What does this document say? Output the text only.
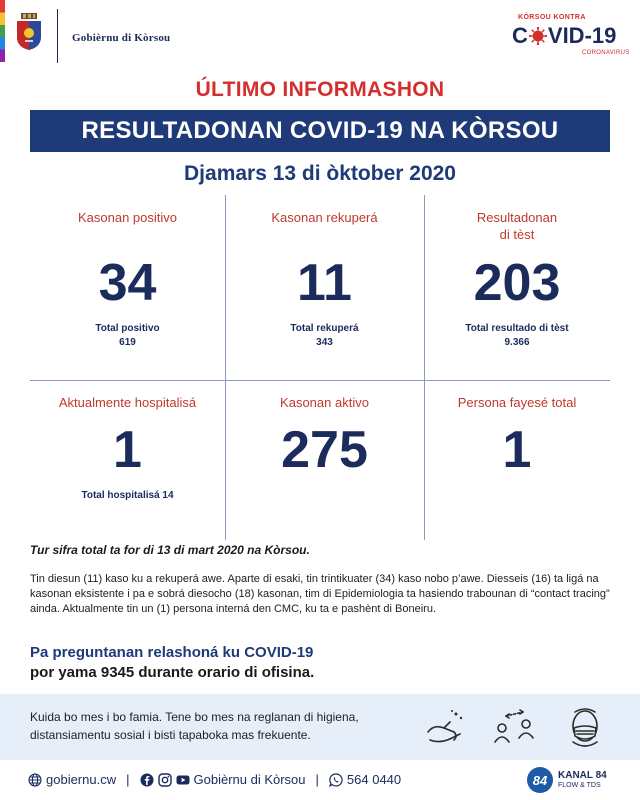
Gobièrnu di Kòrsou
KÒRSOU KONTRA
C VID-19
CORONAVIRUS
ÚLTIMO INFORMASHON
RESULTADONAN COVID-19 NA KÒRSOU
Djamars 13 di òktober 2020
Kasonan positivo
34
Total positivo
619
Kasonan rekuperá
11
Total rekuperá
343
Resultadonan
di tèst
203
Total resultado di tèst
9.366
Aktualmente hospitalisá
1
Total hospitalisá 14
Kasonan aktivo
275
Persona fayesé total
1
Tur sifra total ta for di 13 di mart 2020 na Kòrsou.
Tin diesun (11) kaso ku a rekuperá awe. Aparte di esaki, tin trintikuater (34) kaso nobo p’awe. Diesseis (16) ta ligá na kasonan eksistente i pa e sobrá diesocho (18) kasonan, tim di Epidemiologia ta hasiendo trabounan di “contact tracing” ainda. Aktualmente tin un (1) persona interná den CMC, ku ta e pashènt di Boneiru.
Pa preguntanan relashoná ku COVID-19
por yama 9345 durante orario di ofisina.
Kuida bo mes i bo famia. Tene bo mes na reglanan di higiena,
distansiamentu sosial i bisti tapaboka mas frekuente.
gobiernu.cw |	Gobièrnu di Kòrsou | 564 0440	84 KANAL 84
FLOW & TDS
